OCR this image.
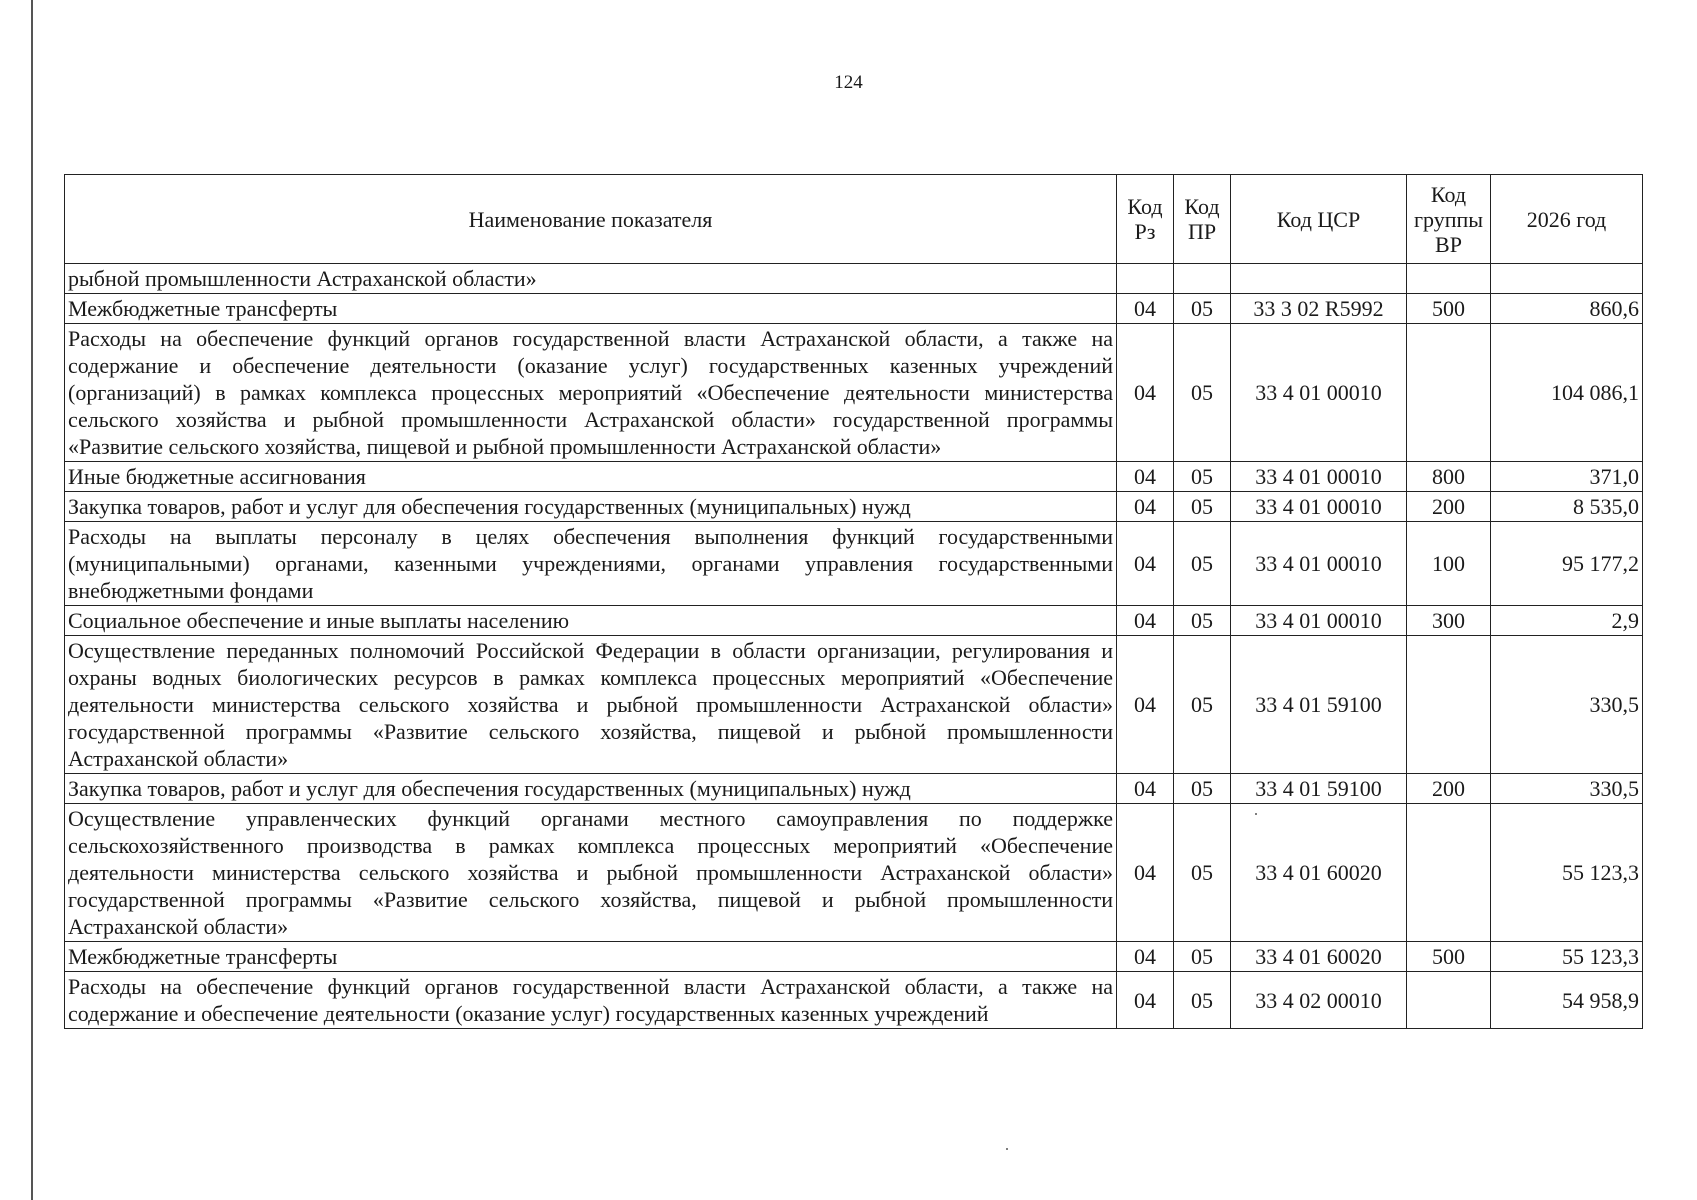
124
Наименование показателя	Код Рз	Код ПР	Код ЦСР	Код группы ВР	2026 год
рыбной промышленности Астраханской области»					
Межбюджетные трансферты	04	05	33 3 02 R5992	500	860,6
Расходы на обеспечение функций органов государственной власти Астраханской области, а также на содержание и обеспечение деятельности (оказание услуг) государственных казенных учреждений (организаций) в рамках комплекса процессных мероприятий «Обеспечение деятельности министерства сельского хозяйства и рыбной промышленности Астраханской области» государственной программы «Развитие сельского хозяйства, пищевой и рыбной промышленности Астраханской области»	04	05	33 4 01 00010		104 086,1
Иные бюджетные ассигнования	04	05	33 4 01 00010	800	371,0
Закупка товаров, работ и услуг для обеспечения государственных (муниципальных) нужд	04	05	33 4 01 00010	200	8 535,0
Расходы на выплаты персоналу в целях обеспечения выполнения функций государственными (муниципальными) органами, казенными учреждениями, органами управления государственными внебюджетными фондами	04	05	33 4 01 00010	100	95 177,2
Социальное обеспечение и иные выплаты населению	04	05	33 4 01 00010	300	2,9
Осуществление переданных полномочий Российской Федерации в области организации, регулирования и охраны водных биологических ресурсов в рамках комплекса процессных мероприятий «Обеспечение деятельности министерства сельского хозяйства и рыбной промышленности Астраханской области» государственной программы «Развитие сельского хозяйства, пищевой и рыбной промышленности Астраханской области»	04	05	33 4 01 59100		330,5
Закупка товаров, работ и услуг для обеспечения государственных (муниципальных) нужд	04	05	33 4 01 59100	200	330,5
Осуществление управленческих функций органами местного самоуправления по поддержке сельскохозяйственного производства в рамках комплекса процессных мероприятий «Обеспечение деятельности министерства сельского хозяйства и рыбной промышленности Астраханской области» государственной программы «Развитие сельского хозяйства, пищевой и рыбной промышленности Астраханской области»	04	05	33 4 01 60020		55 123,3
Межбюджетные трансферты	04	05	33 4 01 60020	500	55 123,3
Расходы на обеспечение функций органов государственной власти Астраханской области, а также на содержание и обеспечение деятельности (оказание услуг) государственных казенных учреждений	04	05	33 4 02 00010		54 958,9
